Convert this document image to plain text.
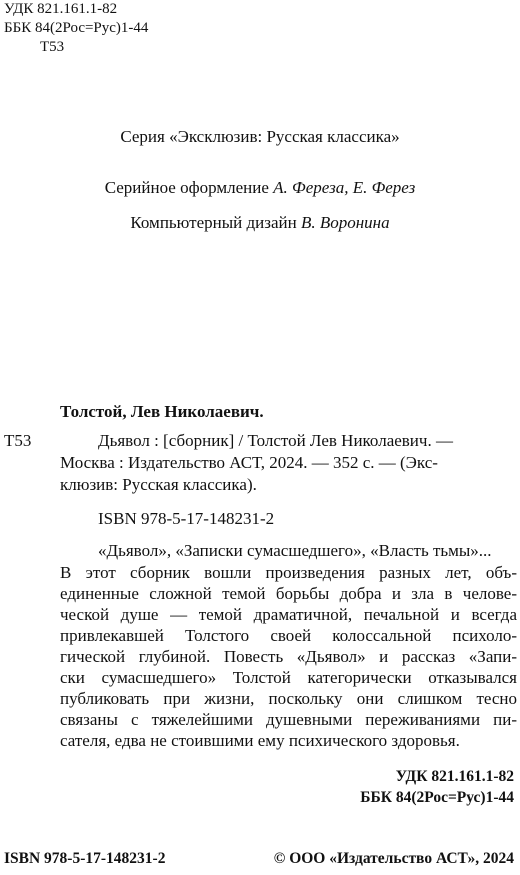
УДК 821.161.1-82
ББК 84(2Рос=Рус)1-44
Т53
Серия «Эксклюзив: Русская классика»
Серийное оформление А. Фереза, Е. Ферез
Компьютерный дизайн В. Воронина
Толстой, Лев Николаевич.
Т53	Дьявол : [сборник] / Толстой Лев Николаевич. —
Москва : Издательство АСТ, 2024. — 352 с. — (Экс-
клюзив: Русская классика).
ISBN 978-5-17-148231-2
«Дьявол», «Записки сумасшедшего», «Власть тьмы»...
В этот сборник вошли произведения разных лет, объ-
единенные сложной темой борьбы добра и зла в челове-
ческой душе — темой драматичной, печальной и всегда
привлекавшей Толстого своей колоссальной психоло-
гической глубиной. Повесть «Дьявол» и рассказ «Запи-
ски сумасшедшего» Толстой категорически отказывался
публиковать при жизни, поскольку они слишком тесно
связаны с тяжелейшими душевными переживаниями пи-
сателя, едва не стоившими ему психического здоровья.
УДК 821.161.1-82
ББК 84(2Рос=Рус)1-44
ISBN 978-5-17-148231-2	© ООО «Издательство АСТ», 2024
